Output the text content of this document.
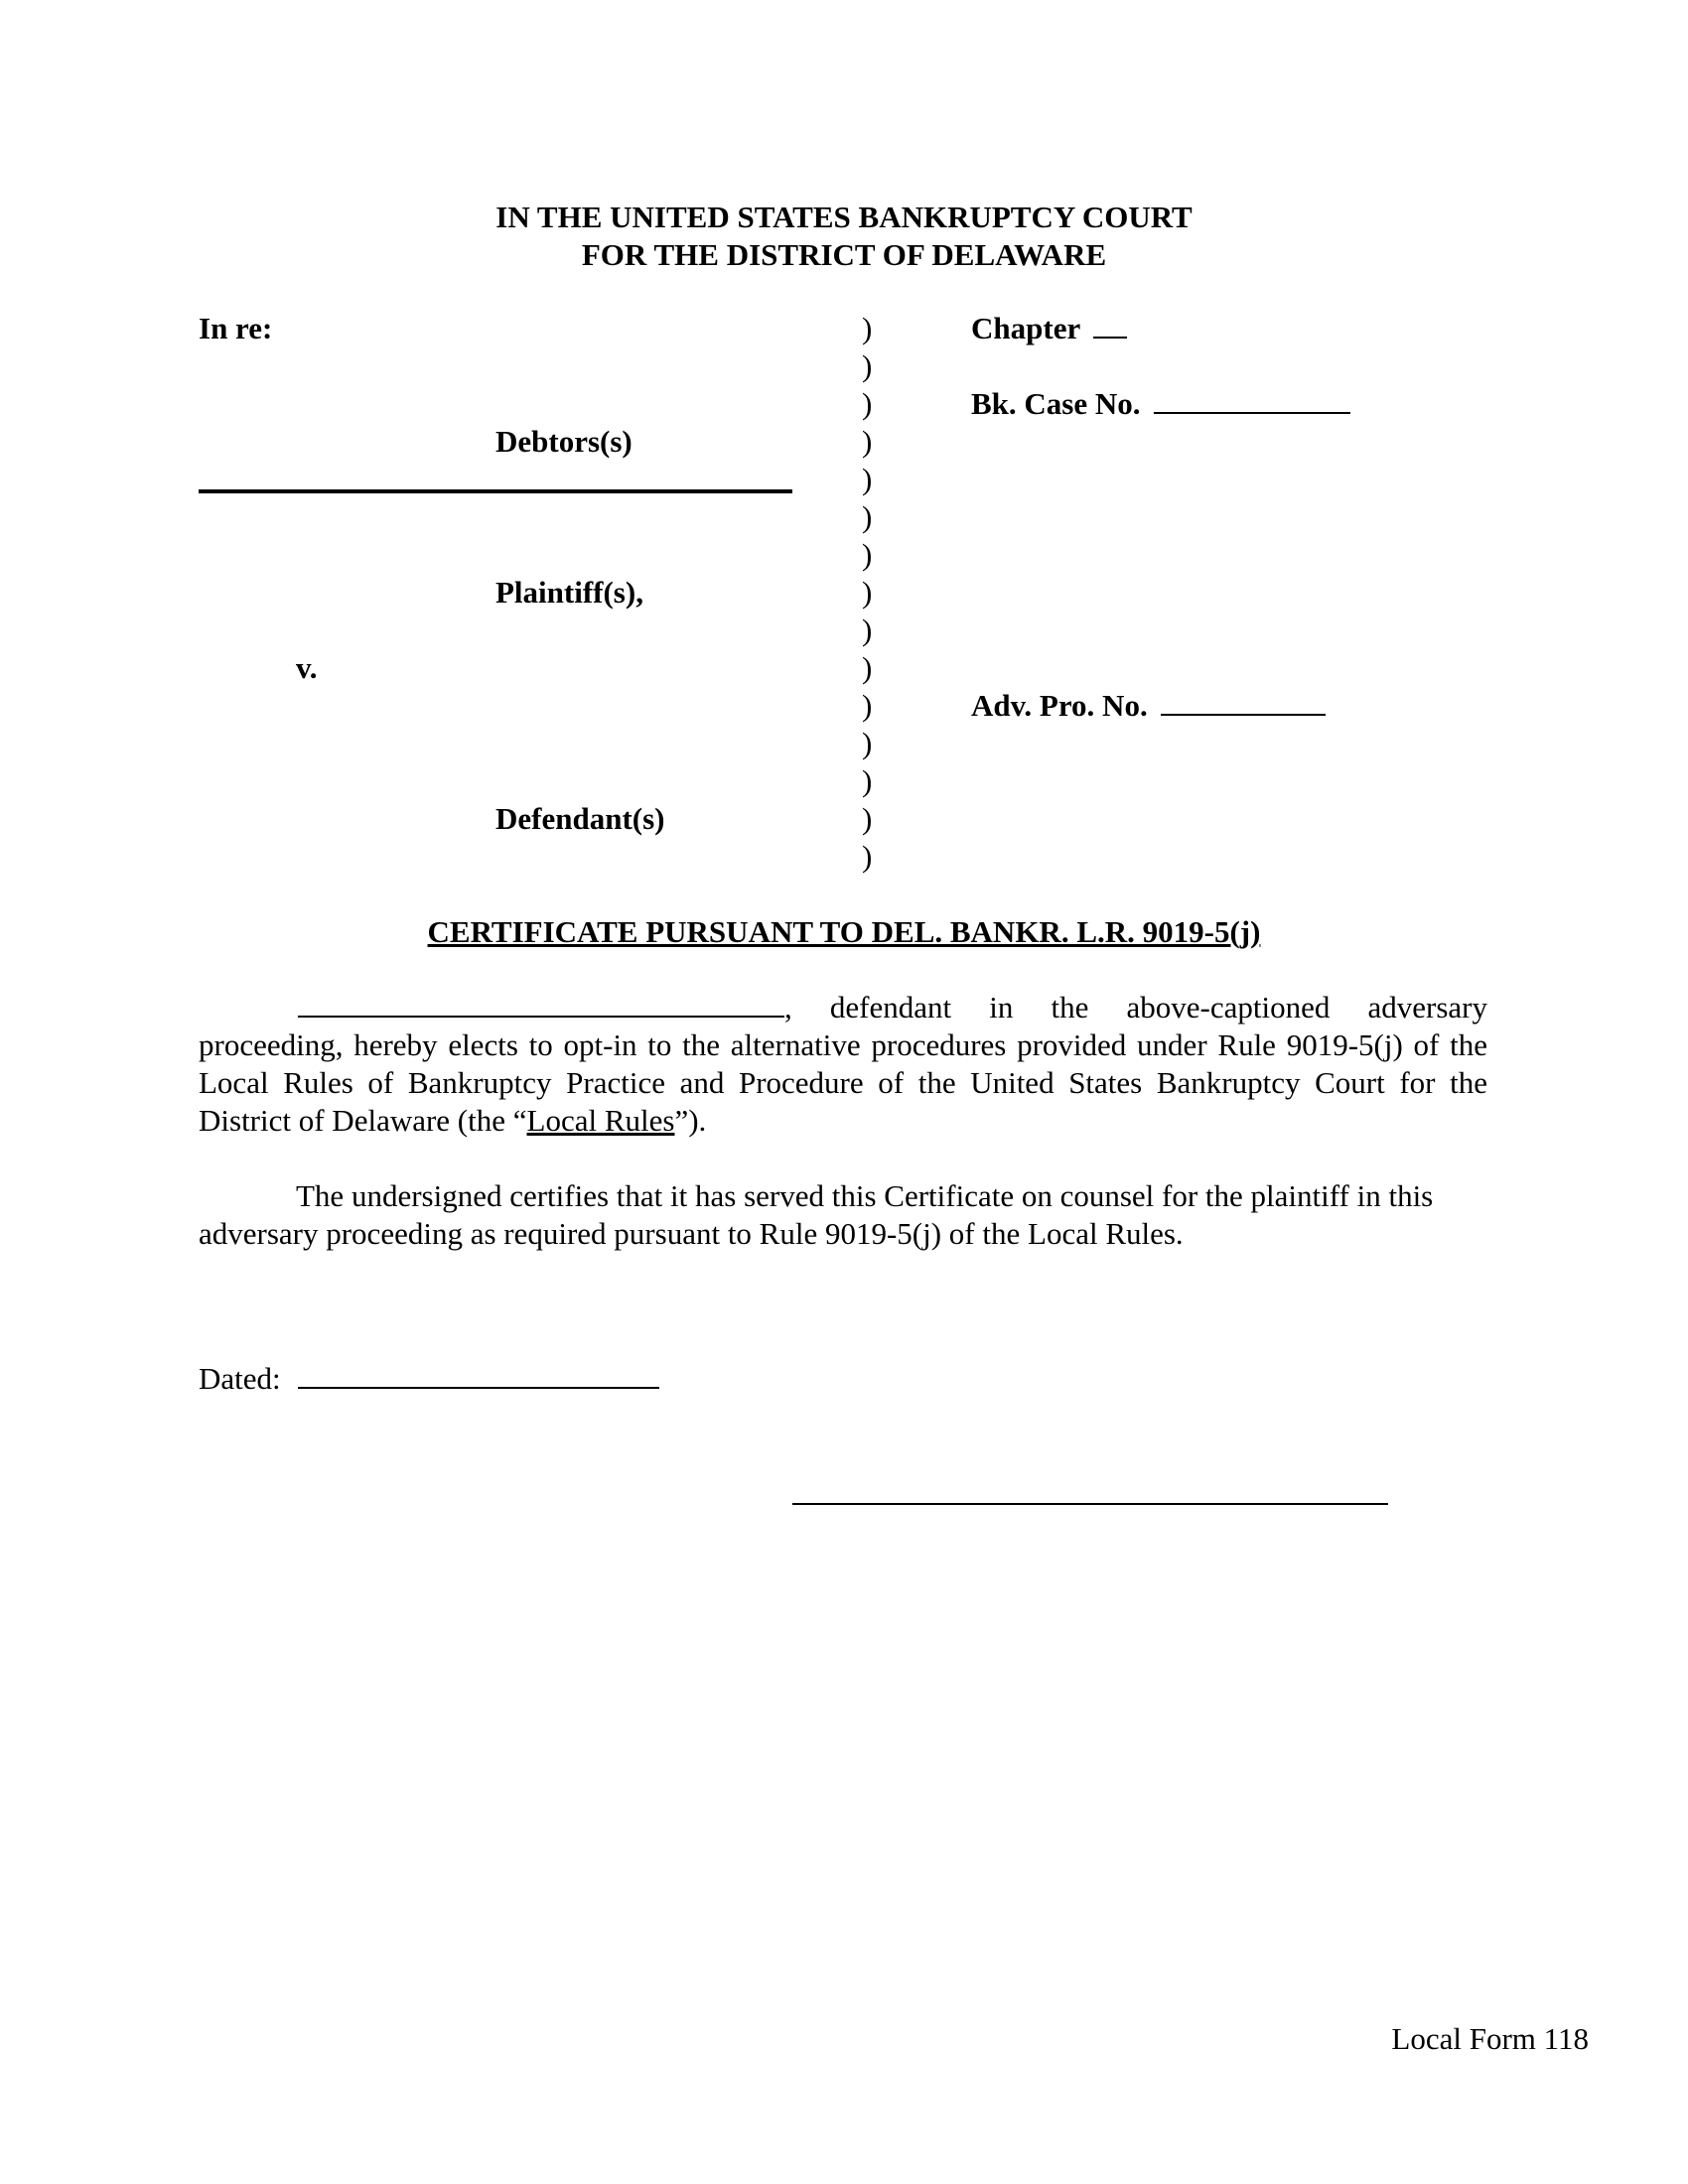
IN THE UNITED STATES BANKRUPTCY COURT
FOR THE DISTRICT OF DELAWARE
In re:
Debtors(s)
Plaintiff(s),
v.
Defendant(s)
)
)
)
)
)
)
)
)
)
)
)
)
)
)
)
Chapter
Bk. Case No.
Adv. Pro. No.
CERTIFICATE PURSUANT TO DEL. BANKR. L.R. 9019-5(j)
, defendant in the above-captioned adversary proceeding, hereby elects to opt-in to the alternative procedures provided under Rule 9019-5(j) of the Local Rules of Bankruptcy Practice and Procedure of the United States Bankruptcy Court for the District of Delaware (the “Local Rules”).
The undersigned certifies that it has served this Certificate on counsel for the plaintiff in this adversary proceeding as required pursuant to Rule 9019-5(j) of the Local Rules.
Dated:
Local Form 118
